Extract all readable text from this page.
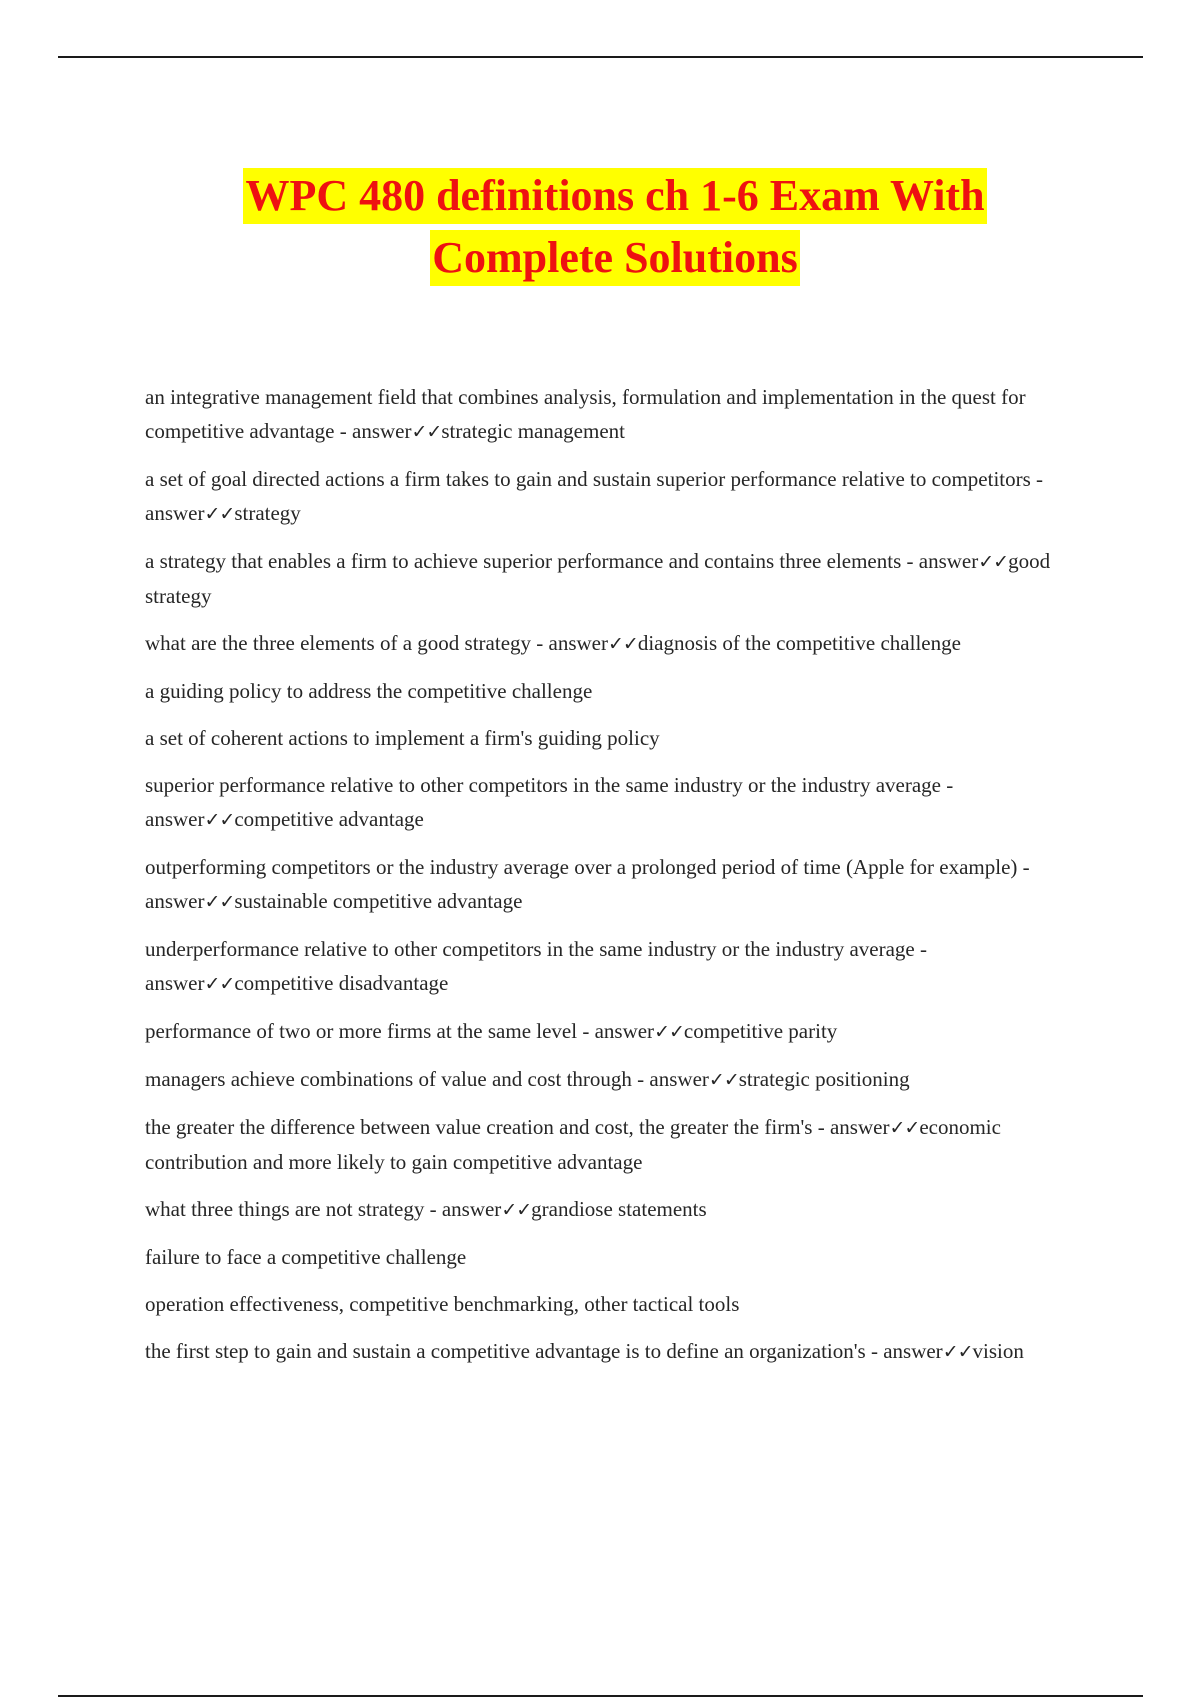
WPC 480 definitions ch 1-6 Exam With
Complete Solutions

an integrative management field that combines analysis, formulation and implementation in the quest for competitive advantage - answer✓✓strategic management

a set of goal directed actions a firm takes to gain and sustain superior performance relative to competitors - answer✓✓strategy

a strategy that enables a firm to achieve superior performance and contains three elements - answer✓✓good strategy

what are the three elements of a good strategy - answer✓✓diagnosis of the competitive challenge

a guiding policy to address the competitive challenge

a set of coherent actions to implement a firm's guiding policy

superior performance relative to other competitors in the same industry or the industry average - answer✓✓competitive advantage

outperforming competitors or the industry average over a prolonged period of time (Apple for example) - answer✓✓sustainable competitive advantage

underperformance relative to other competitors in the same industry or the industry average - answer✓✓competitive disadvantage

performance of two or more firms at the same level - answer✓✓competitive parity

managers achieve combinations of value and cost through - answer✓✓strategic positioning

the greater the difference between value creation and cost, the greater the firm's - answer✓✓economic contribution and more likely to gain competitive advantage

what three things are not strategy - answer✓✓grandiose statements

failure to face a competitive challenge

operation effectiveness, competitive benchmarking, other tactical tools

the first step to gain and sustain a competitive advantage is to define an organization's - answer✓✓vision
